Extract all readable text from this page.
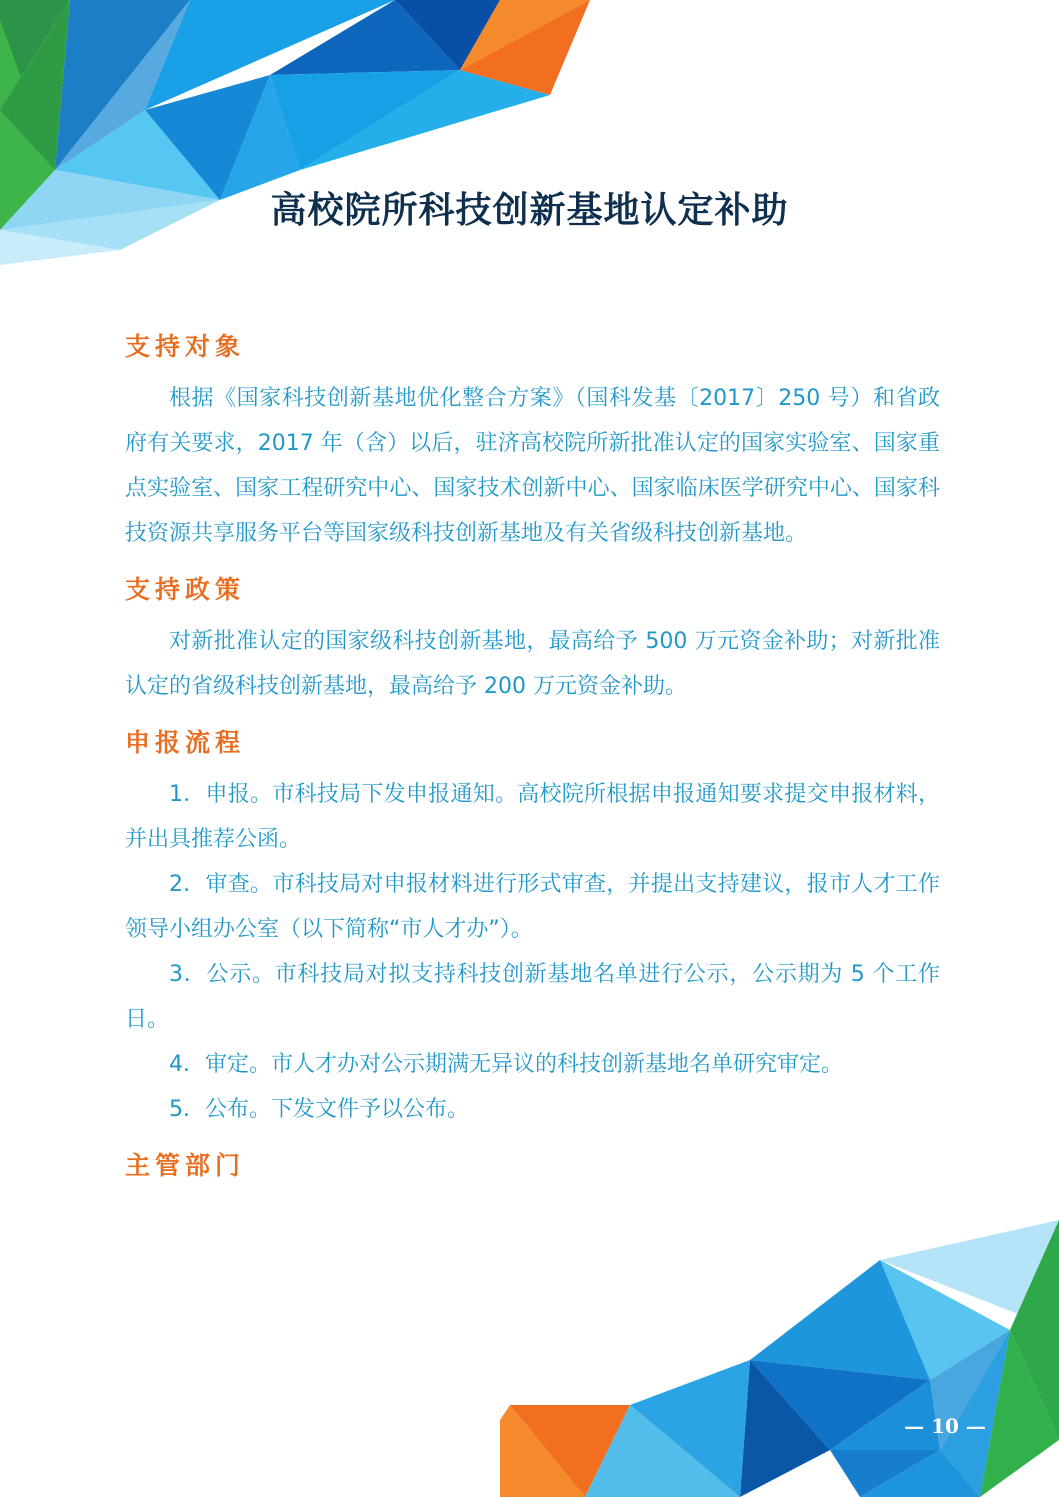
高校院所科技创新基地认定补助
支持对象

根据《国家科技创新基地优化整合方案》（国科发基〔2017〕250 号）和省政府有关要求，2017 年（含）以后，驻济高校院所新批准认定的国家实验室、国家重点实验室、国家工程研究中心、国家技术创新中心、国家临床医学研究中心、国家科技资源共享服务平台等国家级科技创新基地及有关省级科技创新基地。

支持政策

对新批准认定的国家级科技创新基地，最高给予 500 万元资金补助；对新批准认定的省级科技创新基地，最高给予 200 万元资金补助。

申报流程
1．申报。市科技局下发申报通知。高校院所根据申报通知要求提交申报材料，并出具推荐公函。
2．审查。市科技局对申报材料进行形式审查，并提出支持建议，报市人才工作领导小组办公室（以下简称“市人才办”）。
3．公示。市科技局对拟支持科技创新基地名单进行公示，公示期为 5 个工作日。
4．审定。市人才办对公示期满无异议的科技创新基地名单研究审定。
5．公布。下发文件予以公布。
主管部门
— 10 —
